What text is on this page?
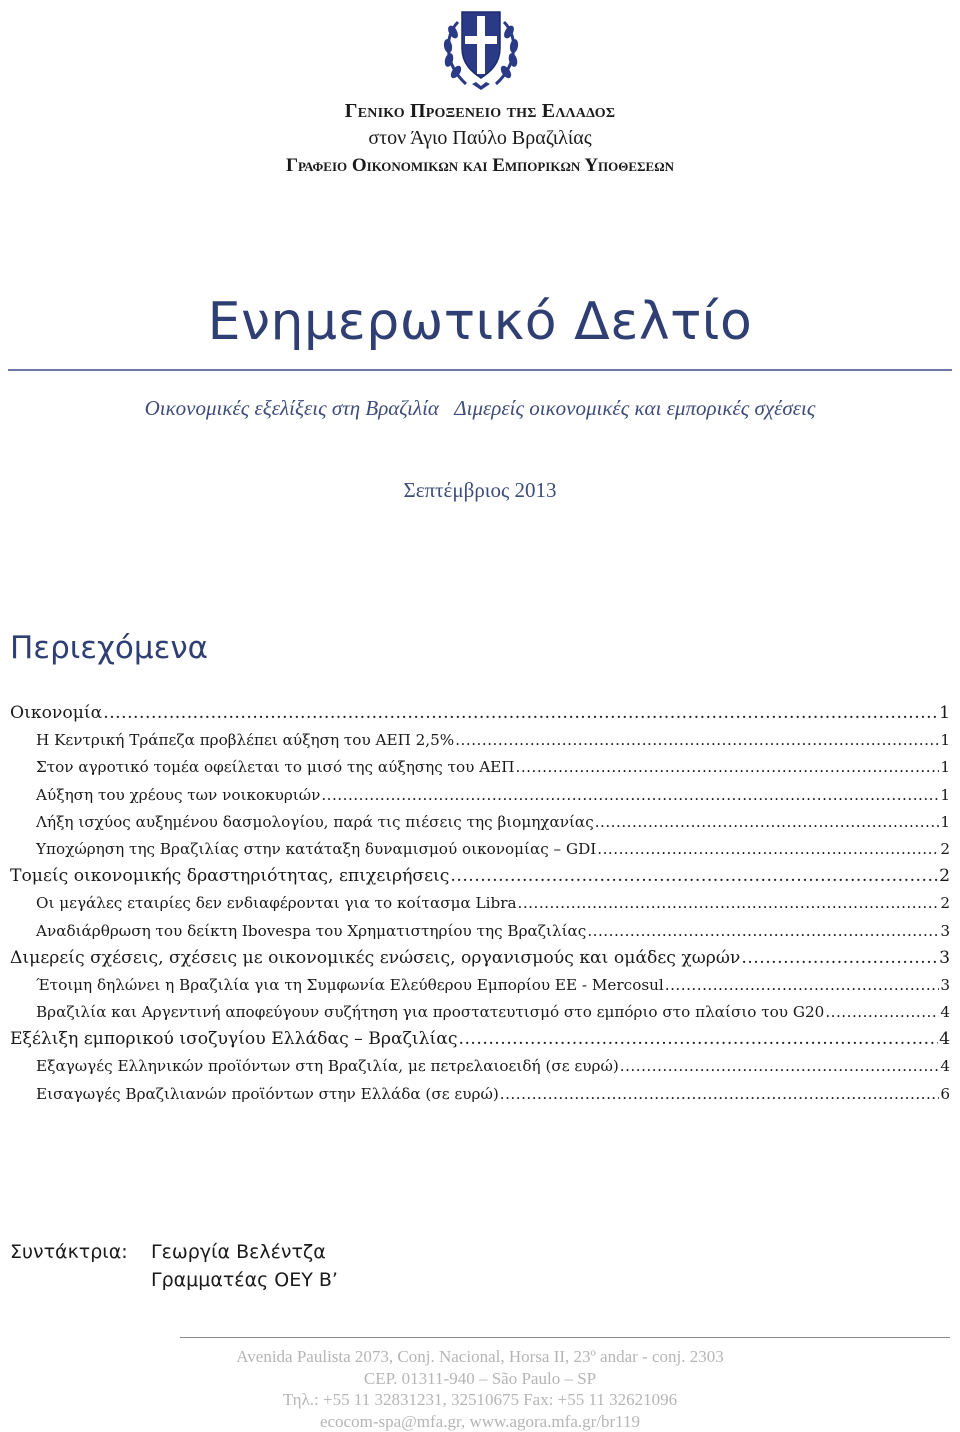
Γενικο Προξενειο της Ελλαδος
στον Άγιο Παύλο Βραζιλίας
Γραφειο Οικονομικων και Εμπορικων Υποθεσεων
Ενημερωτικό Δελτίο
Οικονομικές εξελίξεις στη Βραζιλία   Διμερείς οικονομικές και εμπορικές σχέσεις
Σεπτέμβριος 2013
Περιεχόμενα
Οικονομία .....	1
Η Κεντρική Τράπεζα προβλέπει αύξηση του ΑΕΠ 2,5% .....	1
Στον αγροτικό τομέα οφείλεται το μισό της αύξησης του ΑΕΠ .....	1
Αύξηση του χρέους των νοικοκυριών .....	1
Λήξη ισχύος αυξημένου δασμολογίου, παρά τις πιέσεις της βιομηχανίας .....	1
Υποχώρηση της Βραζιλίας στην κατάταξη δυναμισμού οικονομίας – GDI .....	2
Τομείς οικονομικής δραστηριότητας, επιχειρήσεις .....	2
Οι μεγάλες εταιρίες δεν ενδιαφέρονται για το κοίτασμα Libra .....	2
Αναδιάρθρωση του δείκτη Ibovespa του Χρηματιστηρίου της Βραζιλίας .....	3
Διμερείς σχέσεις, σχέσεις με οικονομικές ενώσεις, οργανισμούς και ομάδες χωρών .....	3
Έτοιμη δηλώνει η Βραζιλία για τη Συμφωνία Ελεύθερου Εμπορίου ΕΕ - Mercosul .....	3
Βραζιλία και Αργεντινή αποφεύγουν συζήτηση για προστατευτισμό στο εμπόριο στο πλαίσιο του G20 .....	4
Εξέλιξη εμπορικού ισοζυγίου Ελλάδας – Βραζιλίας .....	4
Εξαγωγές Ελληνικών προϊόντων στη Βραζιλία, με πετρελαιοειδή (σε ευρώ) .....	4
Εισαγωγές Βραζιλιανών προϊόντων στην Ελλάδα (σε ευρώ) .....	6
Συντάκτρια: Γεωργία Βελέντζα
Γραμματέας ΟΕΥ Β’
Avenida Paulista 2073, Conj. Nacional, Horsa II, 23º andar - conj. 2303
CEP. 01311-940 – São Paulo – SP
Τηλ.: +55 11 32831231, 32510675 Fax: +55 11 32621096
ecocom-spa@mfa.gr, www.agora.mfa.gr/br119
